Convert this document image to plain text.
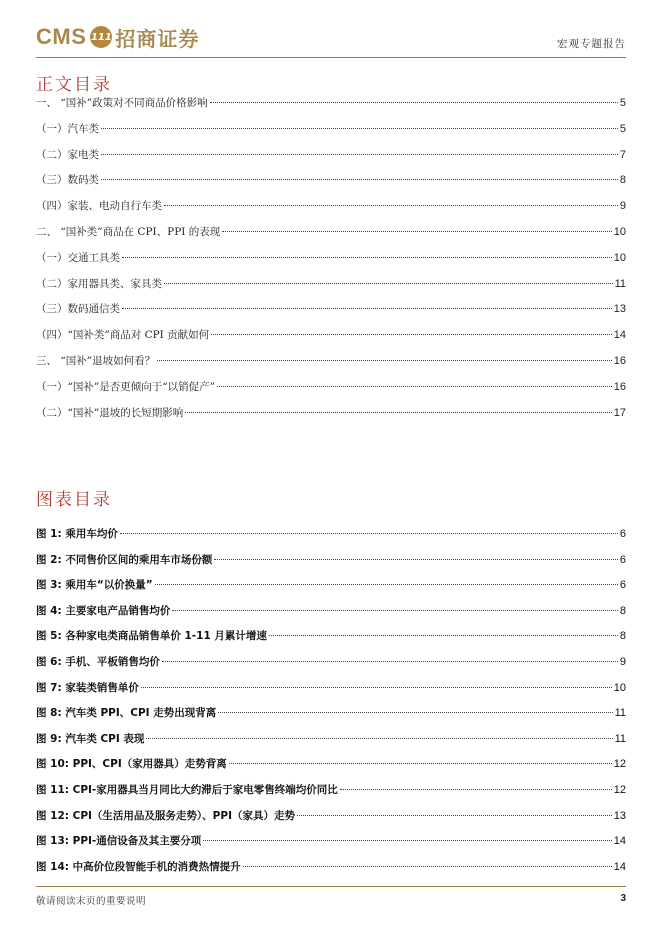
CMS 111 招商证券	宏观专题报告
正文目录
一、 “国补”政策对不同商品价格影响	5
（一）汽车类	5
（二）家电类	7
（三）数码类	8
（四）家装、电动自行车类	9
二、 “国补类”商品在 CPI、PPI 的表现	10
（一）交通工具类	10
（二）家用器具类、家具类	11
（三）数码通信类	13
（四）“国补类”商品对 CPI 贡献如何	14
三、 “国补”退坡如何看？	16
（一）“国补”是否更倾向于“以销促产”	16
（二）“国补”退坡的长短期影响	17
图表目录
图 1: 乘用车均价	6
图 2: 不同售价区间的乘用车市场份额	6
图 3: 乘用车“以价换量”	6
图 4: 主要家电产品销售均价	8
图 5: 各种家电类商品销售单价 1-11 月累计增速	8
图 6: 手机、平板销售均价	9
图 7: 家装类销售单价	10
图 8: 汽车类 PPI、CPI 走势出现背离	11
图 9: 汽车类 CPI 表现	11
图 10: PPI、CPI（家用器具）走势背离	12
图 11: CPI-家用器具当月同比大约滞后于家电零售终端均价同比	12
图 12: CPI（生活用品及服务走势）、PPI（家具）走势	13
图 13: PPI-通信设备及其主要分项	14
图 14: 中高价位段智能手机的消费热情提升	14
敬请阅读末页的重要说明	3
